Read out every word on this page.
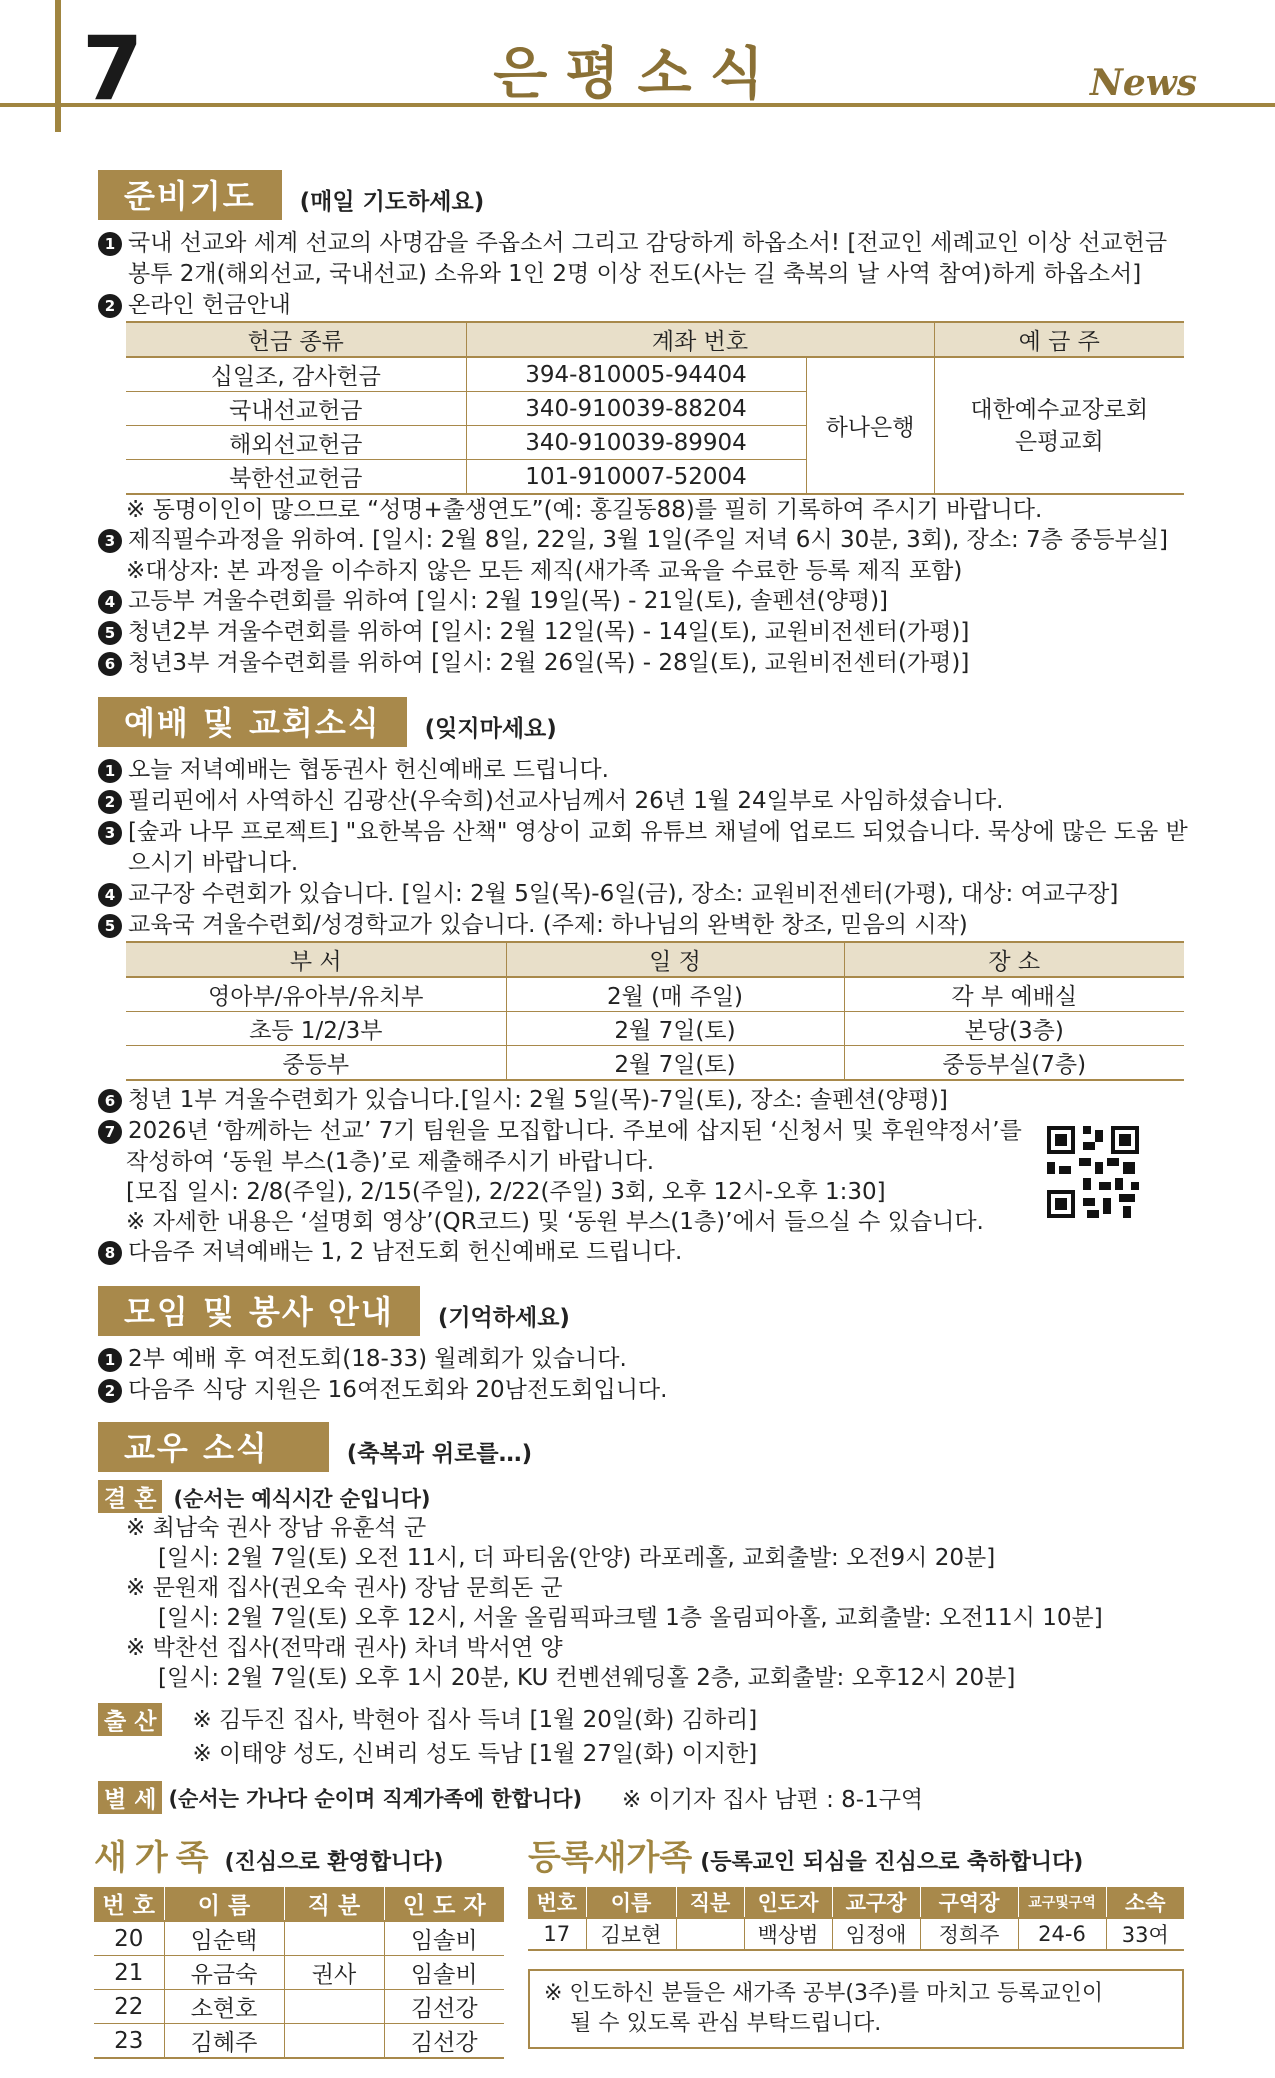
7	은평소식	News
준비기도	(매일 기도하세요)
1 국내 선교와 세계 선교의 사명감을 주옵소서 그리고 감당하게 하옵소서! [전교인 세례교인 이상 선교헌금 봉투 2개(해외선교, 국내선교) 소유와 1인 2명 이상 전도(사는 길 축복의 날 사역 참여)하게 하옵소서]
2 온라인 헌금안내
헌금 종류	계좌 번호		예 금 주
십일조, 감사헌금	394-810005-94404	하나은행	대한예수교장로회
은평교회

국내선교헌금	340-910039-88204		
해외선교헌금	340-910039-89904		
북한선교헌금	101-910007-52004		
※ 동명이인이 많으므로 “성명+출생연도”(예: 홍길동88)를 필히 기록하여 주시기 바랍니다.
3 제직필수과정을 위하여. [일시: 2월 8일, 22일, 3월 1일(주일 저녁 6시 30분, 3회), 장소: 7층 중등부실]
※대상자: 본 과정을 이수하지 않은 모든 제직(새가족 교육을 수료한 등록 제직 포함)
4 고등부 겨울수련회를 위하여 [일시: 2월 19일(목) - 21일(토), 솔펜션(양평)]
5 청년2부 겨울수련회를 위하여 [일시: 2월 12일(목) - 14일(토), 교원비전센터(가평)]
6 청년3부 겨울수련회를 위하여 [일시: 2월 26일(목) - 28일(토), 교원비전센터(가평)]
예배 및 교회소식	(잊지마세요)
1 오늘 저녁예배는 협동권사 헌신예배로 드립니다.
2 필리핀에서 사역하신 김광산(우숙희)선교사님께서 26년 1월 24일부로 사임하셨습니다.
3 [숲과 나무 프로젝트] "요한복음 산책" 영상이 교회 유튜브 채널에 업로드 되었습니다. 묵상에 많은 도움 받으시기 바랍니다.
4 교구장 수련회가 있습니다. [일시: 2월 5일(목)-6일(금), 장소: 교원비전센터(가평), 대상: 여교구장]
5 교육국 겨울수련회/성경학교가 있습니다. (주제: 하나님의 완벽한 창조, 믿음의 시작)
부 서	일 정	장 소
영아부/유아부/유치부	2월 (매 주일)	각 부 예배실
초등 1/2/3부	2월 7일(토)	본당(3층)
중등부	2월 7일(토)	중등부실(7층)
6 청년 1부 겨울수련회가 있습니다.[일시: 2월 5일(목)-7일(토), 장소: 솔펜션(양평)]
7 2026년 ‘함께하는 선교’ 7기 팀원을 모집합니다. 주보에 삽지된 ‘신청서 및 후원약정서’를
작성하여 ‘동원 부스(1층)’로 제출해주시기 바랍니다.
[모집 일시: 2/8(주일), 2/15(주일), 2/22(주일) 3회, 오후 12시-오후 1:30]
※ 자세한 내용은 ‘설명회 영상’(QR코드) 및 ‘동원 부스(1층)’에서 들으실 수 있습니다.
8 다음주 저녁예배는 1, 2 남전도회 헌신예배로 드립니다.
모임 및 봉사 안내	(기억하세요)
1 2부 예배 후 여전도회(18-33) 월례회가 있습니다.
2 다음주 식당 지원은 16여전도회와 20남전도회입니다.
교우 소식	(축복과 위로를…)
결 혼 (순서는 예식시간 순입니다)
※ 최남숙 권사 장남 유훈석 군
[일시: 2월 7일(토) 오전 11시, 더 파티움(안양) 라포레홀, 교회출발: 오전9시 20분]
※ 문원재 집사(권오숙 권사) 장남 문희돈 군
[일시: 2월 7일(토) 오후 12시, 서울 올림픽파크텔 1층 올림피아홀, 교회출발: 오전11시 10분]
※ 박찬선 집사(전막래 권사) 차녀 박서연 양
[일시: 2월 7일(토) 오후 1시 20분, KU 컨벤션웨딩홀 2층, 교회출발: 오후12시 20분]
출 산	※ 김두진 집사, 박현아 집사 득녀 [1월 20일(화) 김하리]
※ 이태양 성도, 신벼리 성도 득남 [1월 27일(화) 이지한]
별 세 (순서는 가나다 순이며 직계가족에 한합니다) ※ 이기자 집사 남편 : 8-1구역
새가족 (진심으로 환영합니다)
번 호	이 름	직 분	인 도 자
20	임순택		임솔비
21	유금숙	권사	임솔비
22	소현호		김선강
23	김혜주		김선강
등록새가족 (등록교인 되심을 진심으로 축하합니다)
번호	이름	직분	인도자	교구장	구역장	교구및구역	소속
17	김보현		백상범	임정애	정희주	24-6	33여
※ 인도하신 분들은 새가족 공부(3주)를 마치고 등록교인이
될 수 있도록 관심 부탁드립니다.
